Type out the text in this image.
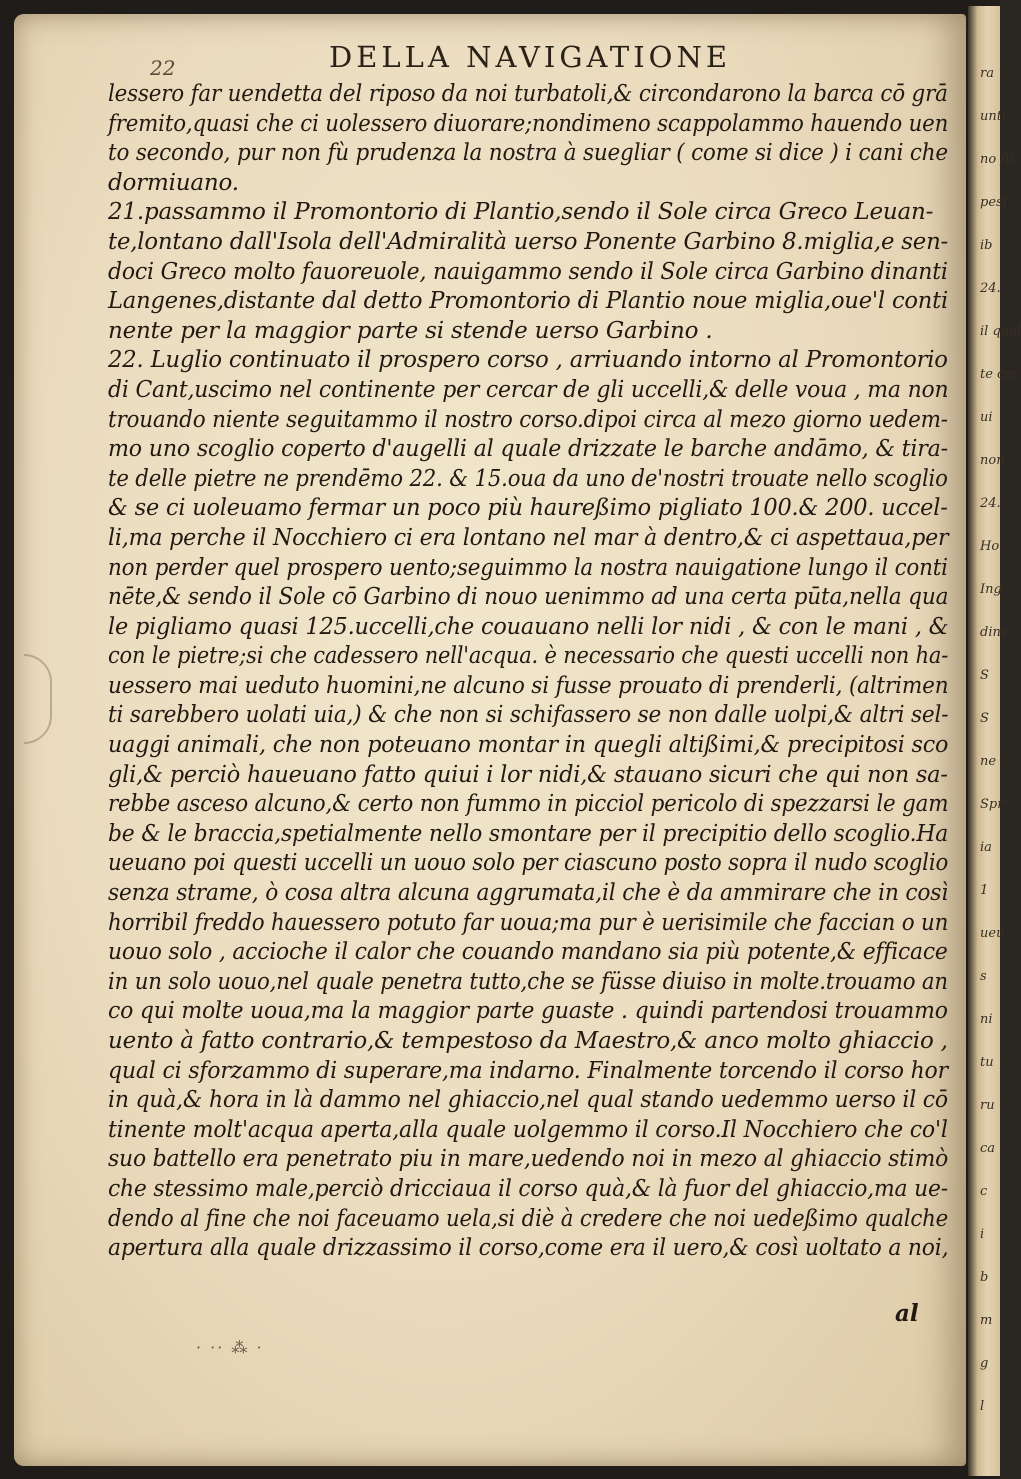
ra
unti
no fu
pesj
ib
24.
il qual
te cor
ui
non
24.
Ho
Ing
dine
S
S
ne
Spr
ia
1
ueu
s
ni
tu
ru
ca
c
i
b
m
g
l
22	DELLA NAVIGATIONE
lessero far uendetta del riposo da noi turbatoli,& circondarono la barca cō grā
fremito,quasi che ci uolessero diuorare;nondimeno scappolammo hauendo uen
to secondo, pur non fù prudenza la nostra à suegliar ( come si dice ) i cani che
dormiuano.
21.passammo il Promontorio di Plantio,sendo il Sole circa Greco Leuan-
te,lontano dall'Isola dell'Admiralità uerso Ponente Garbino 8.miglia,e sen-
doci Greco molto fauoreuole, nauigammo sendo il Sole circa Garbino dinanti
Langenes,distante dal detto Promontorio di Plantio noue miglia,oue'l conti
nente per la maggior parte si stende uerso Garbino .
22. Luglio continuato il prospero corso , arriuando intorno al Promontorio
di Cant,uscimo nel continente per cercar de gli uccelli,& delle voua , ma non
trouando niente seguitammo il nostro corso.dipoi circa al mezo giorno uedem-
mo uno scoglio coperto d'augelli al quale drizzate le barche andāmo, & tira-
te delle pietre ne prendēmo 22. & 15.oua da uno de'nostri trouate nello scoglio
& se ci uoleuamo fermar un poco più haureßimo pigliato 100.& 200. uccel-
li,ma perche il Nocchiero ci era lontano nel mar à dentro,& ci aspettaua,per
non perder quel prospero uento;seguimmo la nostra nauigatione lungo il conti
nēte,& sendo il Sole cō Garbino di nouo uenimmo ad una certa pūta,nella qua
le pigliamo quasi 125.uccelli,che couauano nelli lor nidi , & con le mani , &
con le pietre;si che cadessero nell'acqua. è necessario che questi uccelli non ha-
uessero mai ueduto huomini,ne alcuno si fusse prouato di prenderli, (altrimen
ti sarebbero uolati uia,) & che non si schifassero se non dalle uolpi,& altri sel-
uaggi animali, che non poteuano montar in quegli altißimi,& precipitosi sco
gli,& perciò haueuano fatto quiui i lor nidi,& stauano sicuri che qui non sa-
rebbe asceso alcuno,& certo non fummo in picciol pericolo di spezzarsi le gam
be & le braccia,spetialmente nello smontare per il precipitio dello scoglio.Ha
ueuano poi questi uccelli un uouo solo per ciascuno posto sopra il nudo scoglio
senza strame, ò cosa altra alcuna aggrumata,il che è da ammirare che in così
horribil freddo hauessero potuto far uoua;ma pur è uerisimile che faccian o un
uouo solo , accioche il calor che couando mandano sia più potente,& efficace
in un solo uouo,nel quale penetra tutto,che se füsse diuiso in molte.trouamo an
co qui molte uoua,ma la maggior parte guaste . quindi partendosi trouammo
uento à fatto contrario,& tempestoso da Maestro,& anco molto ghiaccio ,
qual ci sforzammo di superare,ma indarno. Finalmente torcendo il corso hor
in quà,& hora in là dammo nel ghiaccio,nel qual stando uedemmo uerso il cō
tinente molt'acqua aperta,alla quale uolgemmo il corso.Il Nocchiero che co'l
suo battello era penetrato piu in mare,uedendo noi in mezo al ghiaccio stimò
che stessimo male,perciò dricciaua il corso quà,& là fuor del ghiaccio,ma ue-
dendo al fine che noi faceuamo uela,si diè à credere che noi uedeßimo qualche
apertura alla quale drizzassimo il corso,come era il uero,& così uoltato a noi,
al
· ·· ⁂ ·
